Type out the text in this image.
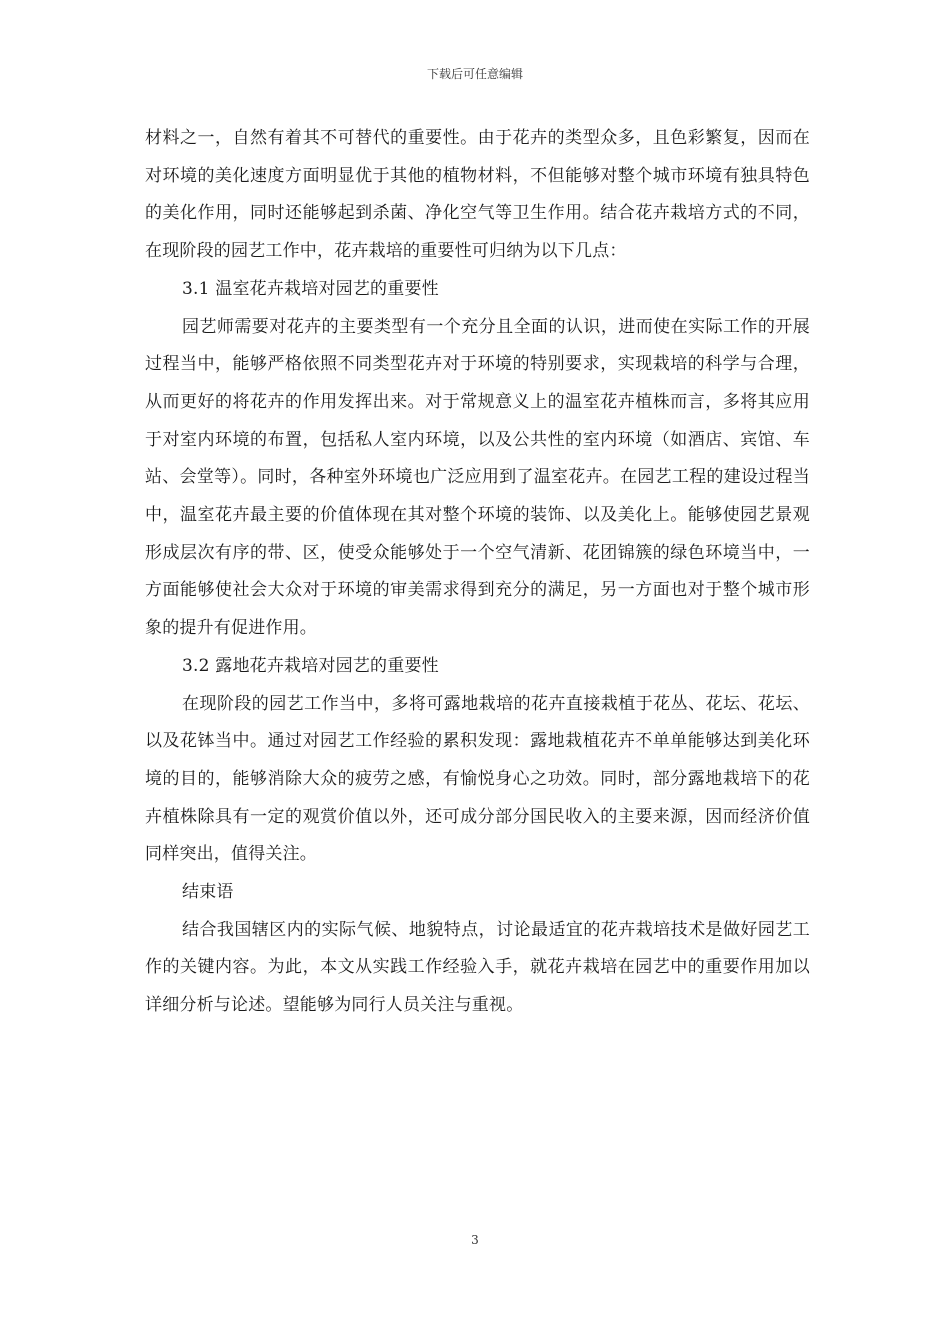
下载后可任意编辑

材料之一，自然有着其不可替代的重要性。由于花卉的类型众多，且色彩繁复，因而在对环境的美化速度方面明显优于其他的植物材料，不但能够对整个城市环境有独具特色的美化作用，同时还能够起到杀菌、净化空气等卫生作用。结合花卉栽培方式的不同，在现阶段的园艺工作中，花卉栽培的重要性可归纳为以下几点：

3.1 温室花卉栽培对园艺的重要性

园艺师需要对花卉的主要类型有一个充分且全面的认识，进而使在实际工作的开展过程当中，能够严格依照不同类型花卉对于环境的特别要求，实现栽培的科学与合理，从而更好的将花卉的作用发挥出来。对于常规意义上的温室花卉植株而言，多将其应用于对室内环境的布置，包括私人室内环境，以及公共性的室内环境（如酒店、宾馆、车站、会堂等）。同时，各种室外环境也广泛应用到了温室花卉。在园艺工程的建设过程当中，温室花卉最主要的价值体现在其对整个环境的装饰、以及美化上。能够使园艺景观形成层次有序的带、区，使受众能够处于一个空气清新、花团锦簇的绿色环境当中，一方面能够使社会大众对于环境的审美需求得到充分的满足，另一方面也对于整个城市形象的提升有促进作用。

3.2 露地花卉栽培对园艺的重要性

在现阶段的园艺工作当中，多将可露地栽培的花卉直接栽植于花丛、花坛、花坛、以及花钵当中。通过对园艺工作经验的累积发现：露地栽植花卉不单单能够达到美化环境的目的，能够消除大众的疲劳之感，有愉悦身心之功效。同时，部分露地栽培下的花卉植株除具有一定的观赏价值以外，还可成分部分国民收入的主要来源，因而经济价值同样突出，值得关注。

结束语

结合我国辖区内的实际气候、地貌特点，讨论最适宜的花卉栽培技术是做好园艺工作的关键内容。为此，本文从实践工作经验入手，就花卉栽培在园艺中的重要作用加以详细分析与论述。望能够为同行人员关注与重视。

3
